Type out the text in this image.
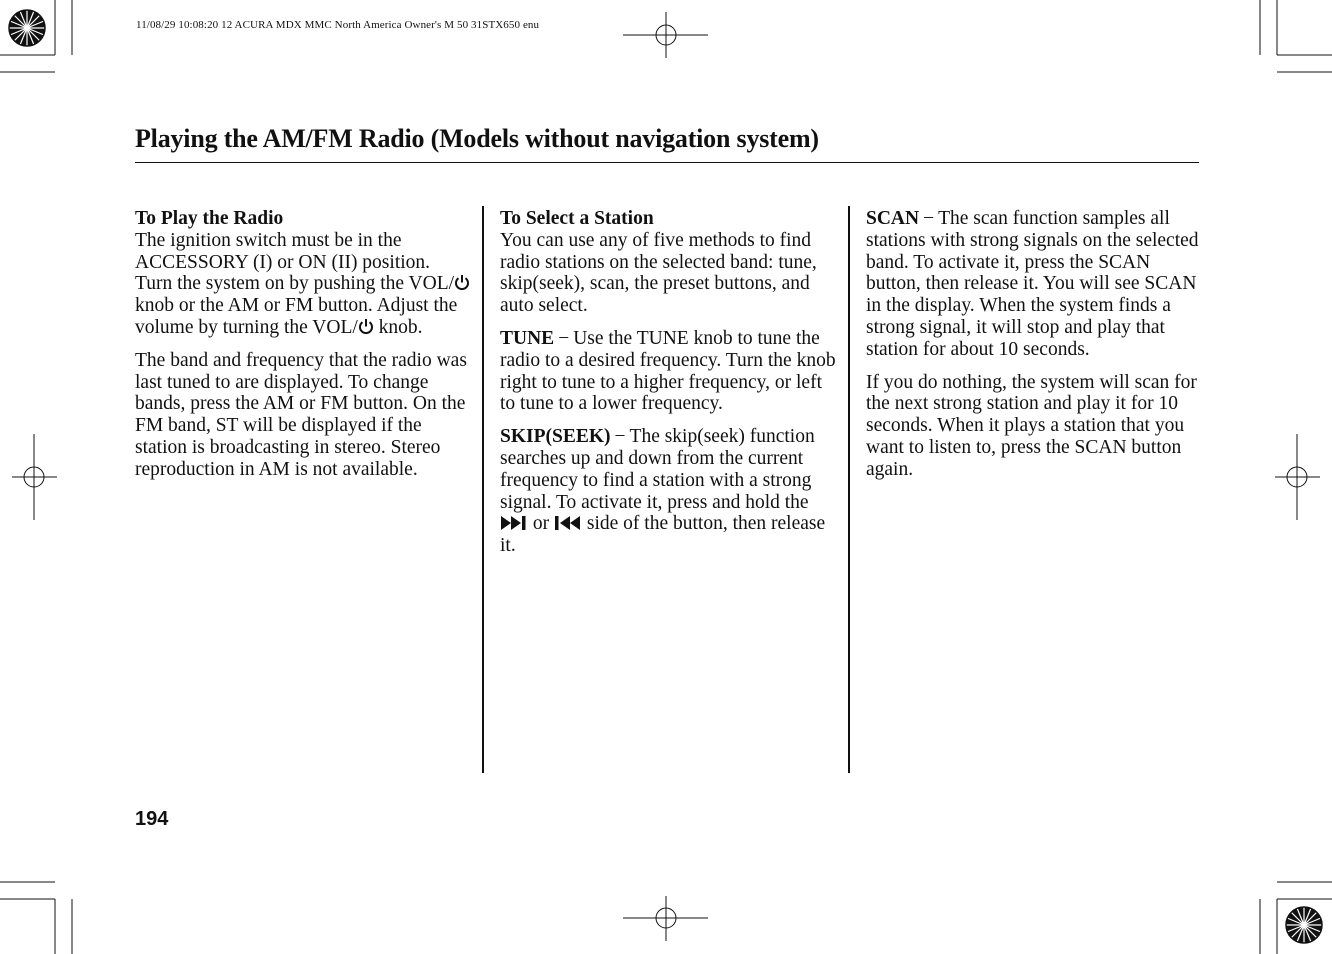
11/08/29 10:08:20 12 ACURA MDX MMC North America Owner's M 50 31STX650 enu
Playing the AM/FM Radio (Models without navigation system)
To Play the Radio

The ignition switch must be in the ACCESSORY (I) or ON (II) position. Turn the system on by pushing the VOL/ knob or the AM or FM button. Adjust the volume by turning the VOL/ knob.

The band and frequency that the radio was last tuned to are displayed. To change bands, press the AM or FM button. On the FM band, ST will be displayed if the station is broadcasting in stereo. Stereo reproduction in AM is not available.

To Select a Station

You can use any of five methods to find radio stations on the selected band: tune, skip(seek), scan, the preset buttons, and auto select.

TUNE − Use the TUNE knob to tune the radio to a desired frequency. Turn the knob right to tune to a higher frequency, or left to tune to a lower frequency.

SKIP(SEEK) − The skip(seek) function searches up and down from the current frequency to find a station with a strong signal. To activate it, press and hold the  or  side of the button, then release it.

SCAN − The scan function samples all stations with strong signals on the selected band. To activate it, press the SCAN button, then release it. You will see SCAN in the display. When the system finds a strong signal, it will stop and play that station for about 10 seconds.

If you do nothing, the system will scan for the next strong station and play it for 10 seconds. When it plays a station that you want to listen to, press the SCAN button again.

194
